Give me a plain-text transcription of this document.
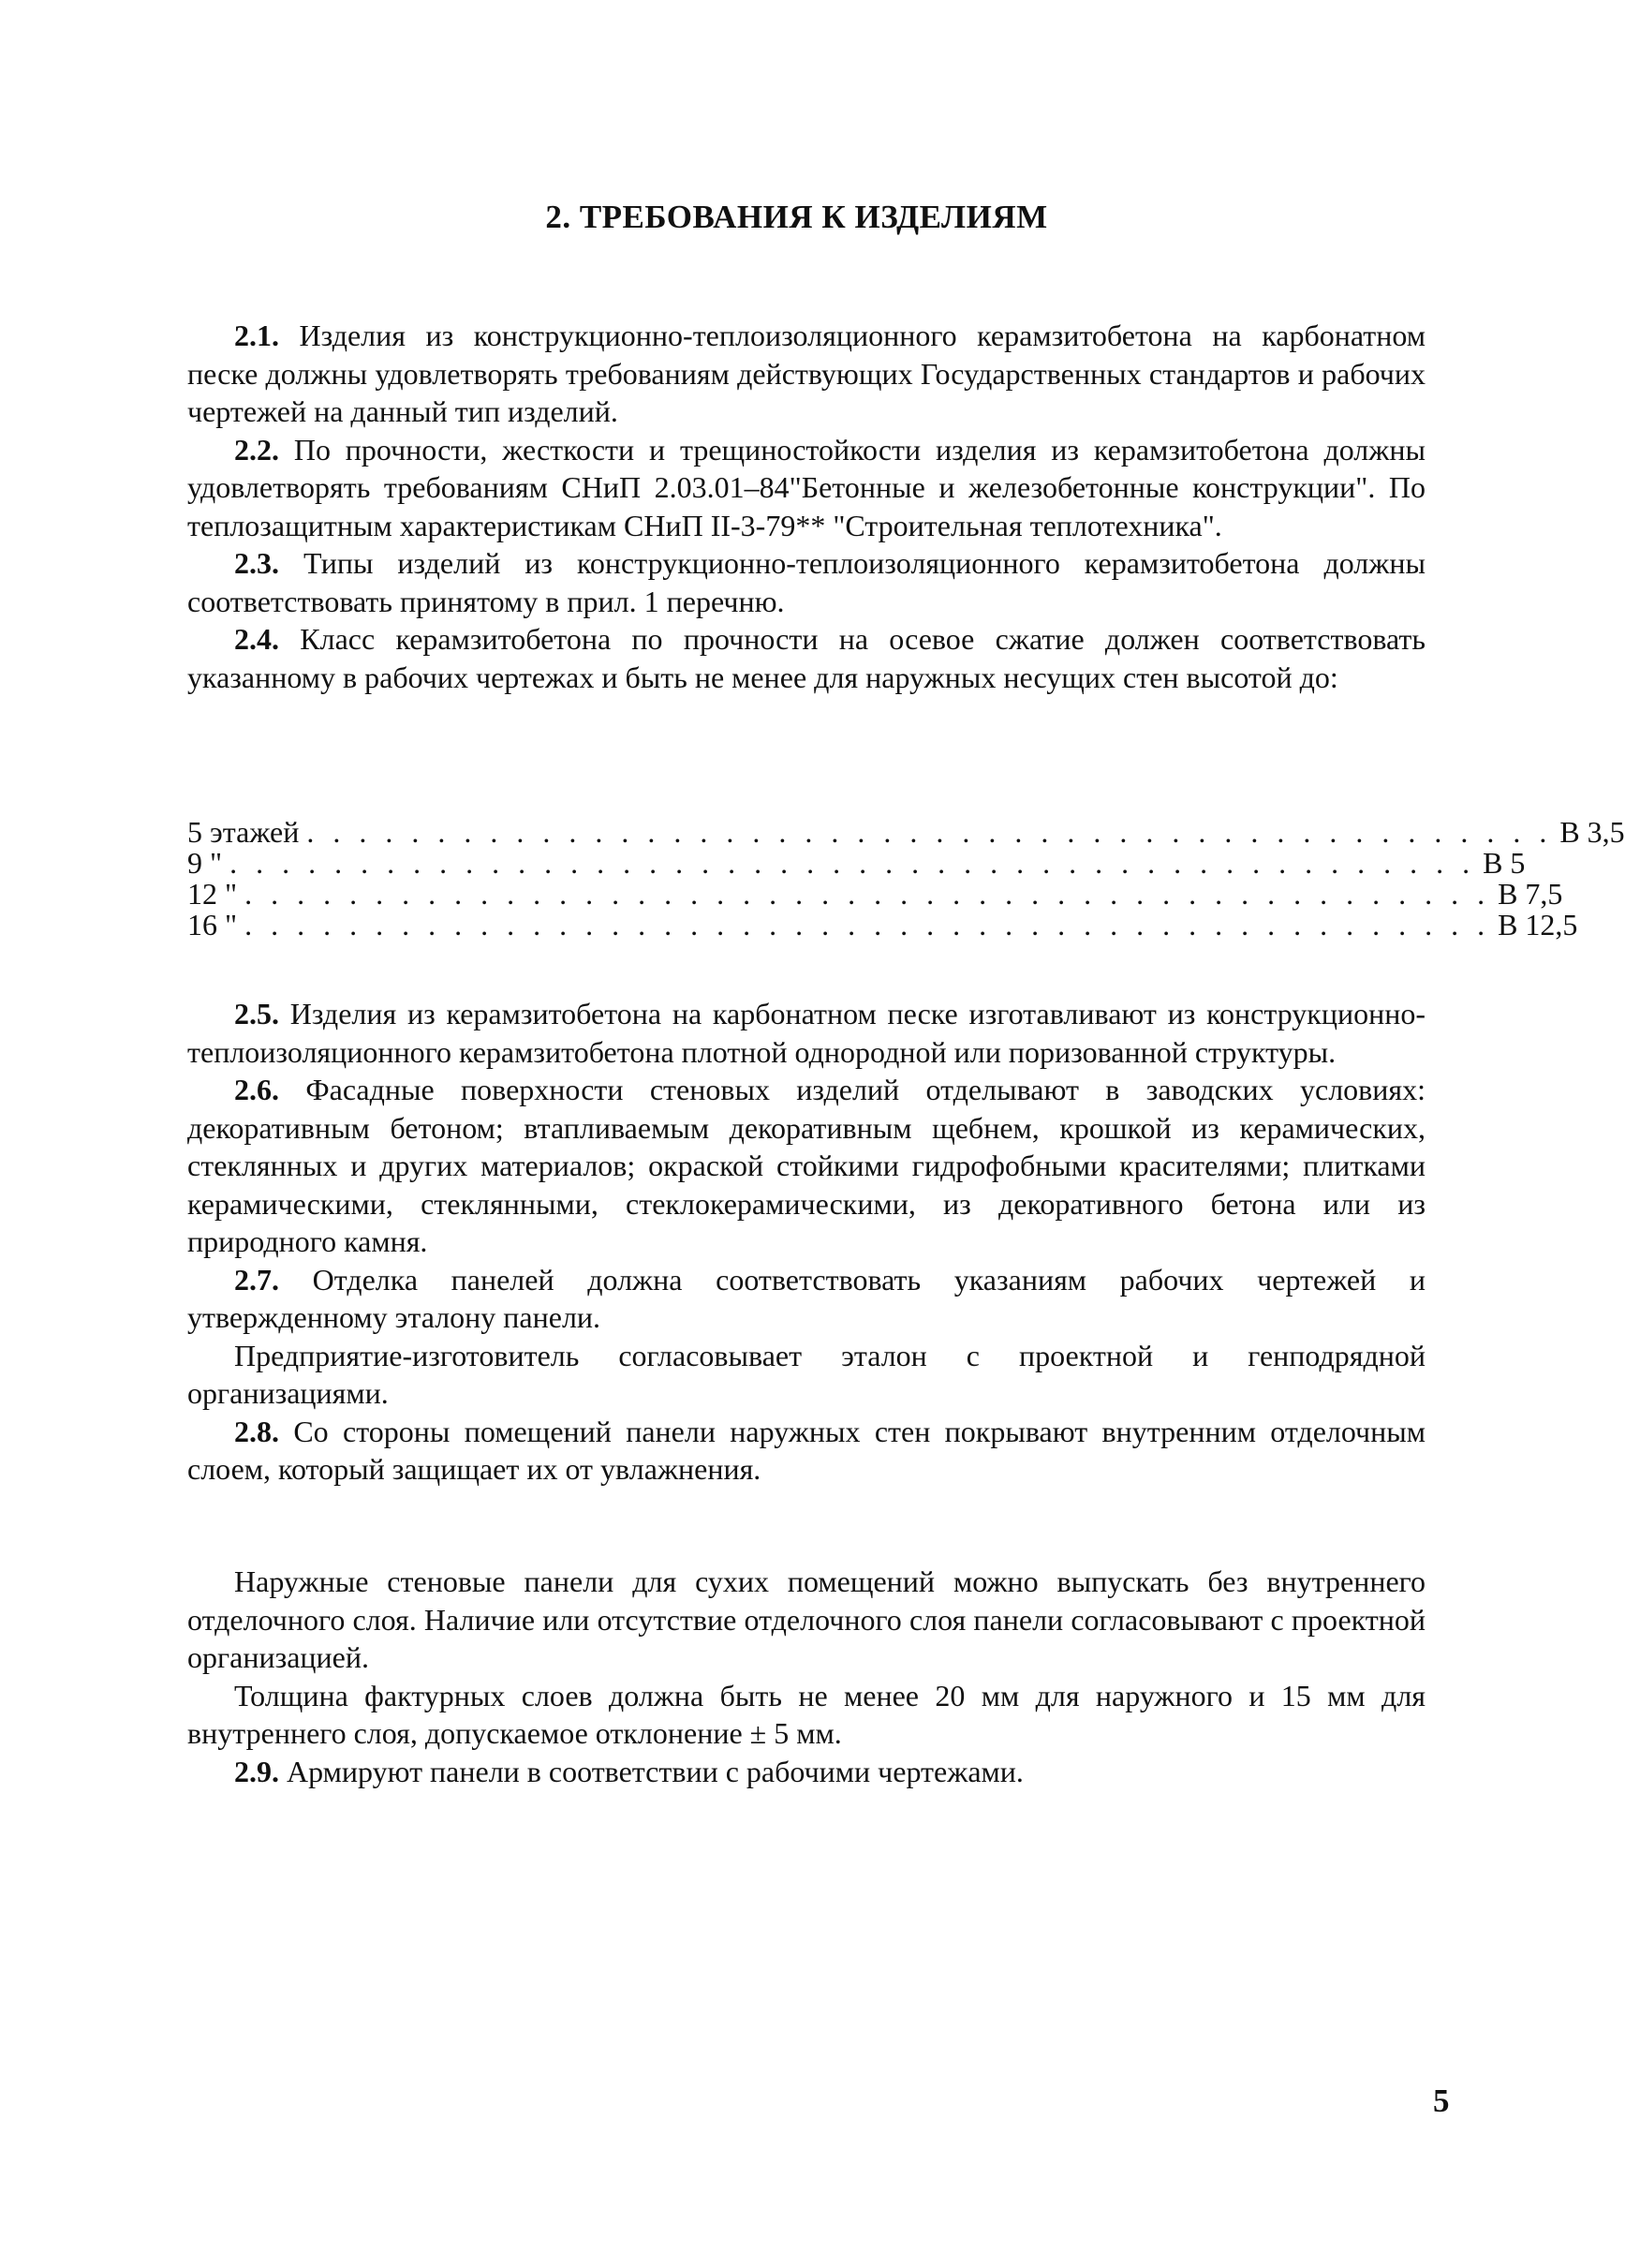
2. ТРЕБОВАНИЯ К ИЗДЕЛИЯМ

2.1. Изделия из конструкционно-теплоизоляционного керамзитобетона на карбонатном песке должны удовлетворять требованиям действующих Государственных стандартов и рабочих чертежей на данный тип изделий.

2.2. По прочности, жесткости и трещиностойкости изделия из керамзитобетона должны удовлетворять требованиям СНиП 2.03.01–84"Бетонные и железобетонные конструкции". По теплозащитным характеристикам СНиП II-3-79** "Строительная теплотехника".

2.3. Типы изделий из конструкционно-теплоизоляционного керамзитобетона должны соответствовать принятому в прил. 1 перечню.

2.4. Класс керамзитобетона по прочности на осевое сжатие должен соответствовать указанному в рабочих чертежах и быть не менее для наружных несущих стен высотой до:

5 этажей . . . . . . . . . . . . . . . . . . . . . . . . . . . . . . . . . . . . . . . . . . . . . . . . В 3,5
9 " . . . . . . . . . . . . . . . . . . . . . . . . . . . . . . . . . . . . . . . . . . . . . . . . В 5
12 " . . . . . . . . . . . . . . . . . . . . . . . . . . . . . . . . . . . . . . . . . . . . . . . . В 7,5
16 " . . . . . . . . . . . . . . . . . . . . . . . . . . . . . . . . . . . . . . . . . . . . . . . . В 12,5

2.5. Изделия из керамзитобетона на карбонатном песке изготавливают из конструкционно-теплоизоляционного керамзитобетона плотной однородной или поризованной структуры.

2.6. Фасадные поверхности стеновых изделий отделывают в заводских условиях: декоративным бетоном; втапливаемым декоративным щебнем, крошкой из керамических, стеклянных и других материалов; окраской стойкими гидрофобными красителями; плитками керамическими, стеклянными, стеклокерамическими, из декоративного бетона или из природного камня.

2.7. Отделка панелей должна соответствовать указаниям рабочих чертежей и утвержденному эталону панели.

Предприятие-изготовитель согласовывает эталон с проектной и генподрядной организациями.

2.8. Со стороны помещений панели наружных стен покрывают внутренним отделочным слоем, который защищает их от увлажнения.

Наружные стеновые панели для сухих помещений можно выпускать без внутреннего отделочного слоя. Наличие или отсутствие отделочного слоя панели согласовывают с проектной организацией.

Толщина фактурных слоев должна быть не менее 20 мм для наружного и 15 мм для внутреннего слоя, допускаемое отклонение ± 5 мм.

2.9. Армируют панели в соответствии с рабочими чертежами.

5
